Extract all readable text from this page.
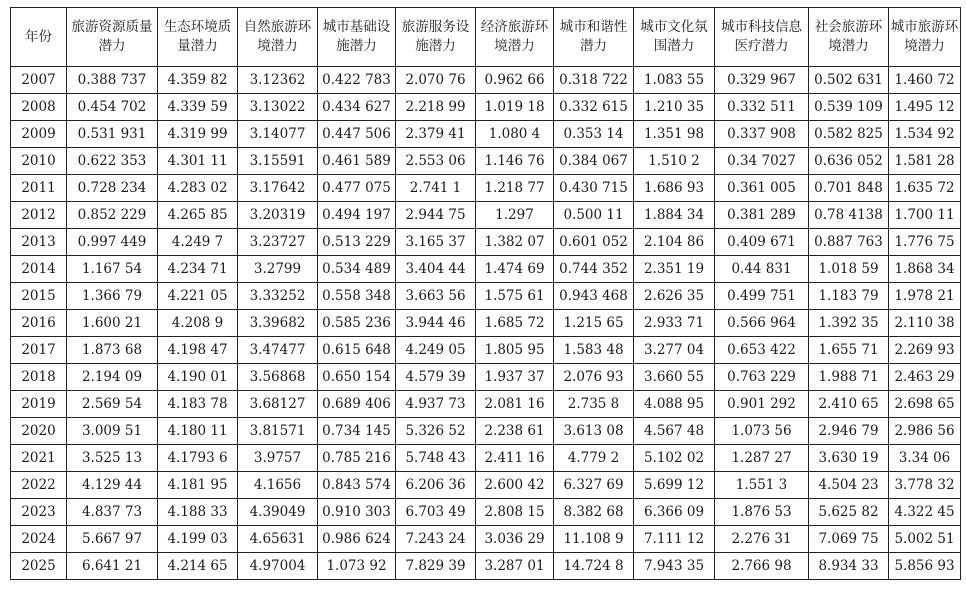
年份	旅游资源质量潜力	生态环境质量潜力	自然旅游环境潜力	城市基础设施潜力	旅游服务设施潜力	经济旅游环境潜力	城市和谐性潜力	城市文化氛围潜力	城市科技信息医疗潜力	社会旅游环境潜力	城市旅游环境潜力
2007	0.388 737	4.359 82	3.12362	0.422 783	2.070 76	0.962 66	0.318 722	1.083 55	0.329 967	0.502 631	1.460 72
2008	0.454 702	4.339 59	3.13022	0.434 627	2.218 99	1.019 18	0.332 615	1.210 35	0.332 511	0.539 109	1.495 12
2009	0.531 931	4.319 99	3.14077	0.447 506	2.379 41	1.080 4	0.353 14	1.351 98	0.337 908	0.582 825	1.534 92
2010	0.622 353	4.301 11	3.15591	0.461 589	2.553 06	1.146 76	0.384 067	1.510 2	0.34 7027	0.636 052	1.581 28
2011	0.728 234	4.283 02	3.17642	0.477 075	2.741 1	1.218 77	0.430 715	1.686 93	0.361 005	0.701 848	1.635 72
2012	0.852 229	4.265 85	3.20319	0.494 197	2.944 75	1.297	0.500 11	1.884 34	0.381 289	0.78 4138	1.700 11
2013	0.997 449	4.249 7	3.23727	0.513 229	3.165 37	1.382 07	0.601 052	2.104 86	0.409 671	0.887 763	1.776 75
2014	1.167 54	4.234 71	3.2799	0.534 489	3.404 44	1.474 69	0.744 352	2.351 19	0.44 831	1.018 59	1.868 34
2015	1.366 79	4.221 05	3.33252	0.558 348	3.663 56	1.575 61	0.943 468	2.626 35	0.499 751	1.183 79	1.978 21
2016	1.600 21	4.208 9	3.39682	0.585 236	3.944 46	1.685 72	1.215 65	2.933 71	0.566 964	1.392 35	2.110 38
2017	1.873 68	4.198 47	3.47477	0.615 648	4.249 05	1.805 95	1.583 48	3.277 04	0.653 422	1.655 71	2.269 93
2018	2.194 09	4.190 01	3.56868	0.650 154	4.579 39	1.937 37	2.076 93	3.660 55	0.763 229	1.988 71	2.463 29
2019	2.569 54	4.183 78	3.68127	0.689 406	4.937 73	2.081 16	2.735 8	4.088 95	0.901 292	2.410 65	2.698 65
2020	3.009 51	4.180 11	3.81571	0.734 145	5.326 52	2.238 61	3.613 08	4.567 48	1.073 56	2.946 79	2.986 56
2021	3.525 13	4.1793 6	3.9757	0.785 216	5.748 43	2.411 16	4.779 2	5.102 02	1.287 27	3.630 19	3.34 06
2022	4.129 44	4.181 95	4.1656	0.843 574	6.206 36	2.600 42	6.327 69	5.699 12	1.551 3	4.504 23	3.778 32
2023	4.837 73	4.188 33	4.39049	0.910 303	6.703 49	2.808 15	8.382 68	6.366 09	1.876 53	5.625 82	4.322 45
2024	5.667 97	4.199 03	4.65631	0.986 624	7.243 24	3.036 29	11.108 9	7.111 12	2.276 31	7.069 75	5.002 51
2025	6.641 21	4.214 65	4.97004	1.073 92	7.829 39	3.287 01	14.724 8	7.943 35	2.766 98	8.934 33	5.856 93
